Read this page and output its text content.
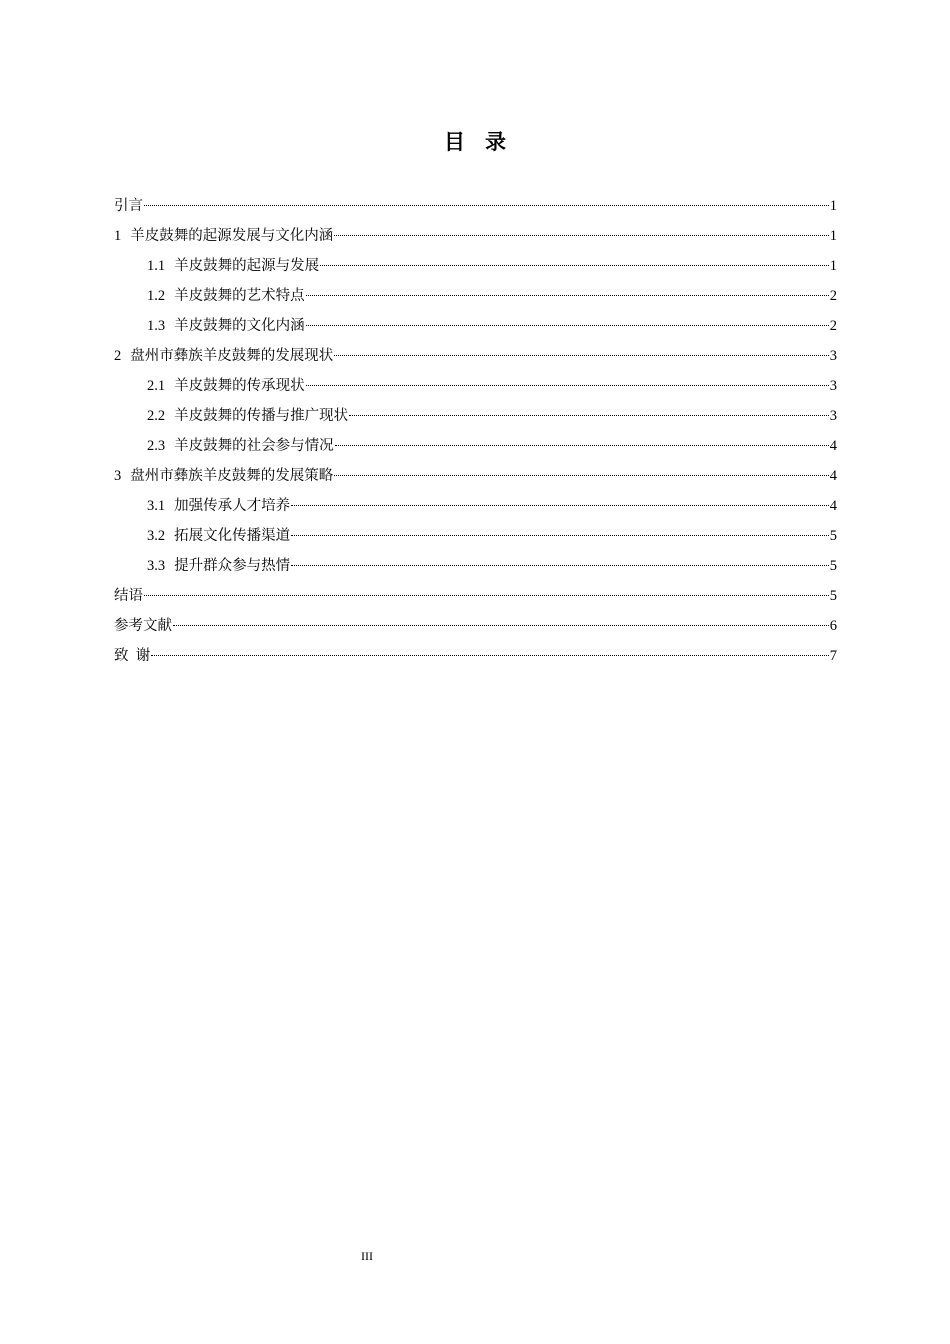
目录
引言	1
1 羊皮鼓舞的起源发展与文化内涵	1
1.1 羊皮鼓舞的起源与发展	1
1.2 羊皮鼓舞的艺术特点	2
1.3 羊皮鼓舞的文化内涵	2
2 盘州市彝族羊皮鼓舞的发展现状	3
2.1 羊皮鼓舞的传承现状	3
2.2 羊皮鼓舞的传播与推广现状	3
2.3 羊皮鼓舞的社会参与情况	4
3 盘州市彝族羊皮鼓舞的发展策略	4
3.1 加强传承人才培养	4
3.2 拓展文化传播渠道	5
3.3 提升群众参与热情	5
结语	5
参考文献	6
致  谢	7
III
